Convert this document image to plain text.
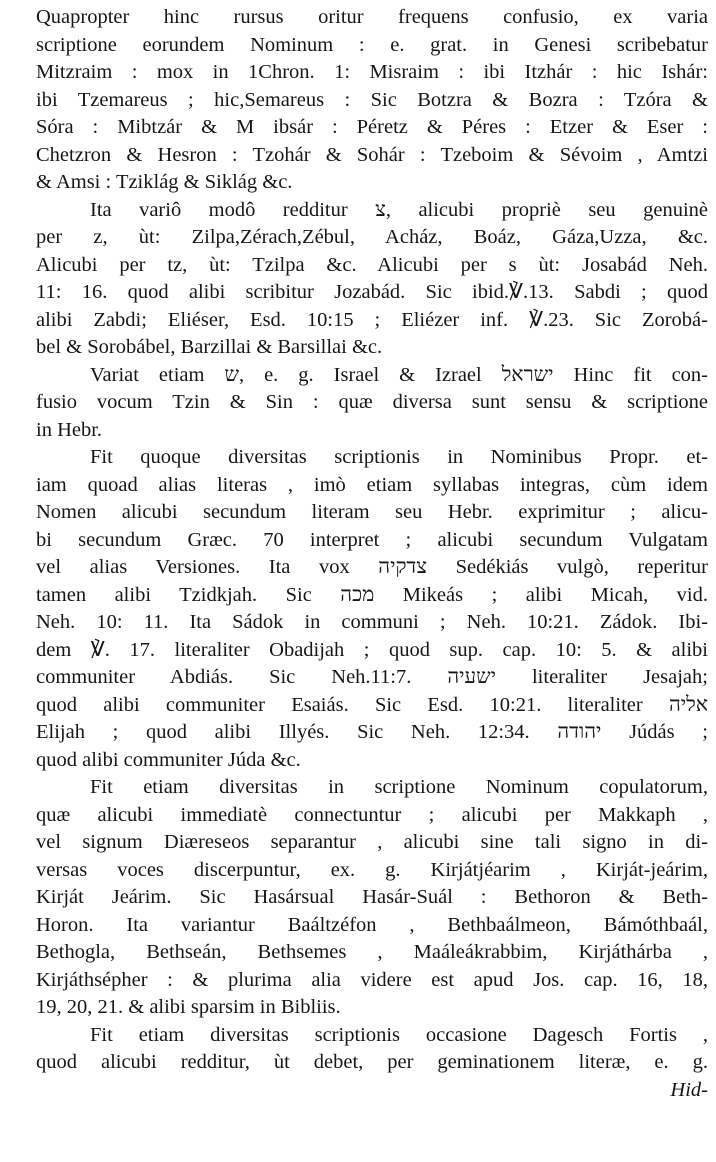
Quapropter hinc rursus oritur frequens confusio, ex varia
scriptione eorundem Nominum : e. grat. in Genesi scribebatur
Mitzraim : mox in 1Chron. 1: Misraim : ibi Itzhár : hic Ishár:
ibi Tzemareus ; hic,Semareus : Sic Botzra & Bozra : Tzóra &
Sóra : Mibtzár & M ibsár : Péretz & Péres : Etzer & Eser :
Chetzron & Hesron : Tzohár & Sohár : Tzeboim & Sévoim , Amtzi
& Amsi : Tziklág & Siklág &c.
Ita variô modô redditur צ, alicubi propriè seu genuinè
per z, ùt: Zilpa,Zérach,Zébul, Acház, Boáz, Gáza,Uzza, &c.
Alicubi per tz, ùt: Tzilpa &c. Alicubi per s ùt: Josabád Neh.
11: 16. quod alibi scribitur Jozabád. Sic ibid.℣.13. Sabdi ; quod
alibi Zabdi; Eliéser, Esd. 10:15 ; Eliézer inf. ℣.23. Sic Zorobá-
bel & Sorobábel, Barzillai & Barsillai &c.
Variat etiam ש, e. g. Israel & Izrael ישראל Hinc fit con-
fusio vocum Tzin & Sin : quæ diversa sunt sensu & scriptione
in Hebr.
Fit quoque diversitas scriptionis in Nominibus Propr. et-
iam quoad alias literas , imò etiam syllabas integras, cùm idem
Nomen alicubi secundum literam seu Hebr. exprimitur ; alicu-
bi secundum Græc. 70 interpret ; alicubi secundum Vulgatam
vel alias Versiones. Ita vox צדקיה Sedékiás vulgò, reperitur
tamen alibi Tzidkjah. Sic מכה Mikeás ; alibi Micah, vid.
Neh. 10: 11. Ita Sádok in communi ; Neh. 10:21. Zádok. Ibi-
dem ℣. 17. literaliter Obadijah ; quod sup. cap. 10: 5. & alibi
communiter Abdiás. Sic Neh.11:7. ישעיה literaliter Jesajah;
quod alibi communiter Esaiás. Sic Esd. 10:21. literaliter אליה
Elijah ; quod alibi Illyés. Sic Neh. 12:34. יהודה Júdás ;
quod alibi communiter Júda &c.
Fit etiam diversitas in scriptione Nominum copulatorum,
quæ alicubi immediatè connectuntur ; alicubi per Makkaph ,
vel signum Diæreseos separantur , alicubi sine tali signo in di-
versas voces discerpuntur, ex. g. Kirjátjéarim , Kirját-jeárim,
Kirját Jeárim. Sic Hasársual Hasár-Suál : Bethoron & Beth-
Horon. Ita variantur Baáltzéfon , Bethbaálmeon, Bámóthbaál,
Bethogla, Bethseán, Bethsemes , Maáleákrabbim, Kirjáthárba ,
Kirjáthsépher : & plurima alia videre est apud Jos. cap. 16, 18,
19, 20, 21. & alibi sparsim in Bibliis.
Fit etiam diversitas scriptionis occasione Dagesch Fortis ,
quod alicubi redditur, ùt debet, per geminationem literæ, e. g.
Hid-
